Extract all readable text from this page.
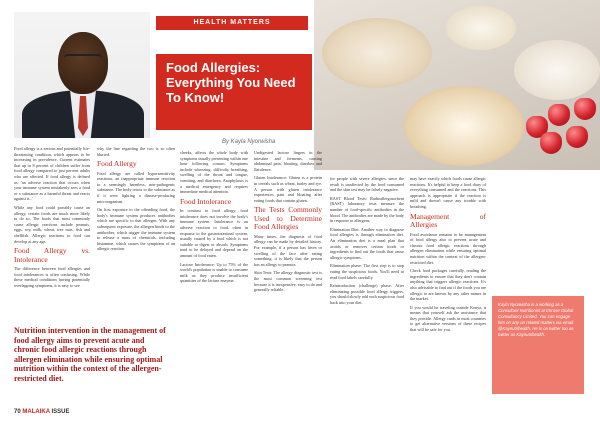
HEALTH MATTERS
Food Allergies: Everything You Need To Know!
By Kayla Nyorwisha

Food allergy is a serious and potentially life-threatening condition, which appears to be increasing in prevalence. Current estimates that up to 8 percent of children suffer from food allergy compared to just percent adults who are affected. If food allergy is defined as: 'an adverse reaction that occurs when your immune system mistakenly sees a food or a substance as a harmful threat and reacts against it...'

While any food could possibly cause an allergy, certain foods are much more likely to do so. The foods that most commonly cause allergic reactions include peanuts, eggs, soy, milk, wheat, tree nuts, fish and shellfish. Allergic reactions to food can develop at any age.

Food Allergy vs. Intolerance

The difference between food allergies and food intolerances is often confusing. While these medical conditions having potentially overlapping symptoms, it is easy to see

why the line regarding the two is so often blurred.

Food Allergy

Food allergy are called hypersensitivity reactions, an inappropriate immune reaction to a seemingly harmless, non-pathogenic substance. The body reacts to the substance as if it were fighting a disease-producing microorganism.

On first exposure to the offending food, the body's immune system produces antibodies which are specific to that allergen. With any subsequent exposure, the allergen binds to the antibodies, which trigger the immune system to release a mass of chemicals, including histamine, which causes the symptoms of an allergic reaction.

cheeks, affects the whole body with symptoms usually presenting within one hour following contact. Symptoms include wheezing, difficulty breathing, swelling of the throat and tongue, vomiting, and diarrhoea. Anaphylaxis is a medical emergency and requires immediate medical attention.

Food Intolerance

In contrast to food allergy, food intolerance does not involve the body's immune system. Intolerance is an adverse reaction to food, often in response to the gastrointestinal system, usually caused by a food which is not suitable to digest or absorb. Symptoms tend to be delayed and depend on the amount of food eaten.

Lactose Intolerance: Up to 75% of the world's population is unable to consume milk as they produce insufficient quantities of the lactase enzyme.

Undigested lactose lingers in the intestine and ferments, causing abdominal pain, bloating, diarrhea and flatulence.

Gluten Intolerance: Gluten is a protein in cereals such as wheat, barley and rye. A person with gluten intolerance experiences pain and bloating after eating foods that contain gluten.

The Tests Commonly Used to Determine Food Allergies

Many times, the diagnosis of food allergy can be made by detailed history. For example, if a person has hives or swelling of the face after eating something, it is likely that the person has an allergy to peanuts.

Skin Tests: The allergy diagnostic test is the most common screening test because it is inexpensive, easy to do and generally reliable.

for people with severe allergies, since the result is unaffected by the food consumed and the skin test may be falsely negative.

RAST Blood Tests: Radioallergosorbent (RAST) laboratory tests measure the number of food-specific antibodies in the blood. The antibodies are made by the body in response to allergens.

Elimination Diet: Another way to diagnose food allergies is through elimination diet. An elimination diet is a meal plan that avoids or removes certain foods or ingredients to find out the foods that cause allergic symptoms.

Elimination phase: The first step is to stop eating the suspicious foods. You'll need to read food labels carefully.

Reintroduction (challenge) phase: After eliminating possible food allergy triggers, you should slowly add each suspicious food back into your diet.

may have exactly which foods cause allergic reactions. It's helpful to keep a food diary of everything consumed and the reactions. This approach is appropriate if the reaction is mild and doesn't cause any trouble with breathing.

Management of Allergies

Food avoidance remains to be management of food allergy also to prevent acute and chronic food allergic reactions through allergen elimination while ensuring optimal nutrition within the context of the allergen-restricted diet.

Check food packages carefully, reading the ingredients to ensure that they don't contain anything that triggers allergic reactions. It's also advisable to find out if the foods you are allergic to are known by any other names in the market.

If you would be traveling outside Kenya, it means that yourself ask the assistance that they provide. Allergy cards in most countries to get alternative versions of these recipes that will be safe for you.

Nutrition intervention in the management of food allergy aims to prevent acute and chronic food allergic reactions through allergen elimination while ensuring optimal nutrition within the context of the allergen-restricted diet.
Kayla Nyorwisha is a working as a Consultant Nutritionist at Enrose Global Consultancy Limited. You can engage him on any on related matters via email: @Kaynutrihealth. He is on twitter too as twitter as Kaynutrihealth.
70 MALAIKA ISSUE
